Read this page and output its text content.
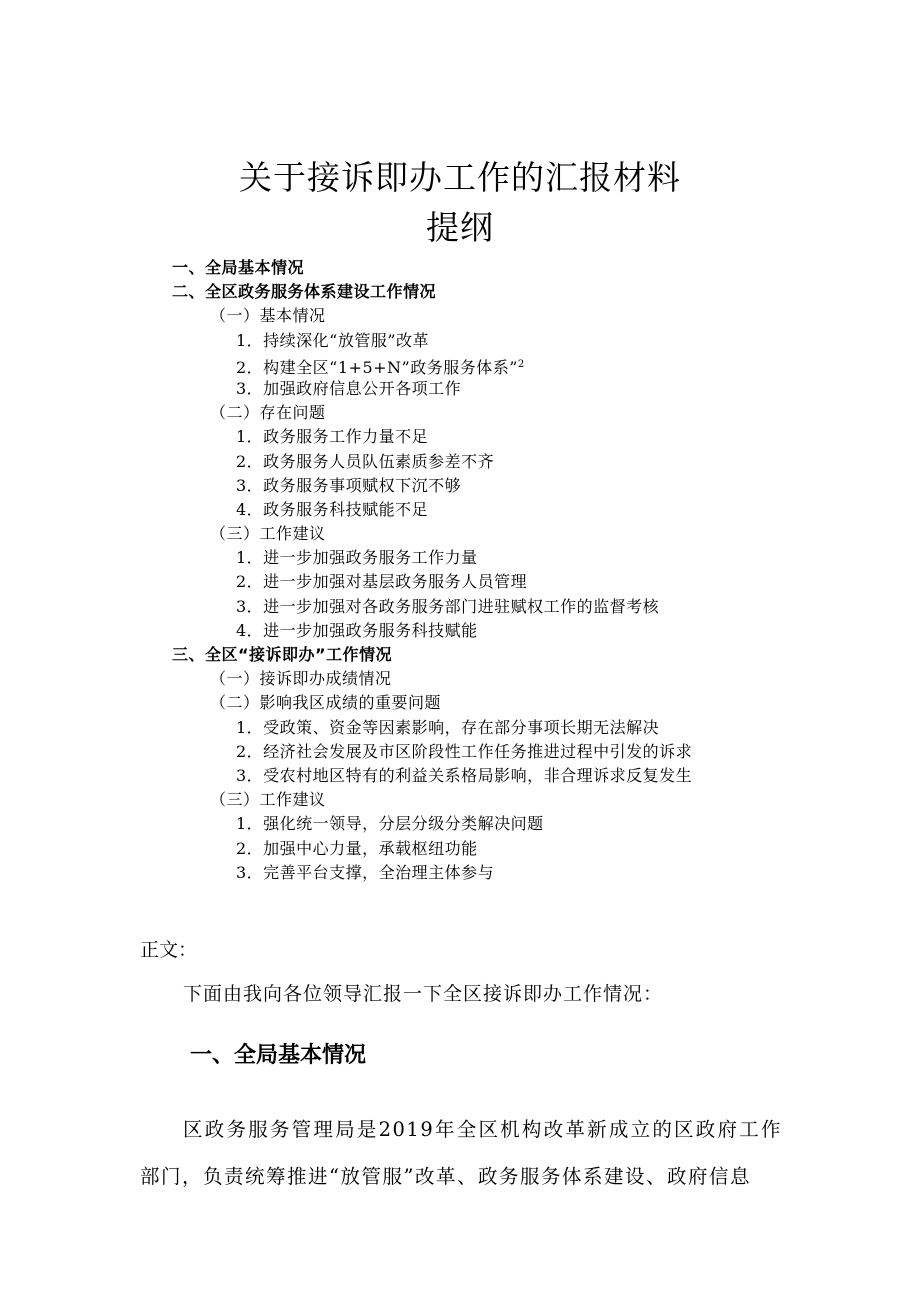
关于接诉即办工作的汇报材料
提纲
一、全局基本情况
二、全区政务服务体系建设工作情况
（一）基本情况
1．持续深化“放管服”改革
2．构建全区“1+5+N”政务服务体系”$^2$
3．加强政府信息公开各项工作
（二）存在问题
1．政务服务工作力量不足
2．政务服务人员队伍素质参差不齐
3．政务服务事项赋权下沉不够
4．政务服务科技赋能不足
（三）工作建议
1．进一步加强政务服务工作力量
2．进一步加强对基层政务服务人员管理
3．进一步加强对各政务服务部门进驻赋权工作的监督考核
4．进一步加强政务服务科技赋能
三、全区“接诉即办”工作情况
（一）接诉即办成绩情况
（二）影响我区成绩的重要问题
1．受政策、资金等因素影响，存在部分事项长期无法解决
2．经济社会发展及市区阶段性工作任务推进过程中引发的诉求
3．受农村地区特有的利益关系格局影响，非合理诉求反复发生
（三）工作建议
1．强化统一领导，分层分级分类解决问题
2．加强中心力量，承载枢纽功能
3．完善平台支撑，全治理主体参与
正文：
下面由我向各位领导汇报一下全区接诉即办工作情况：
一、全局基本情况
区政务服务管理局是2019年全区机构改革新成立的区政府工作部门，负责统筹推进“放管服”改革、政务服务体系建设、政府信息
